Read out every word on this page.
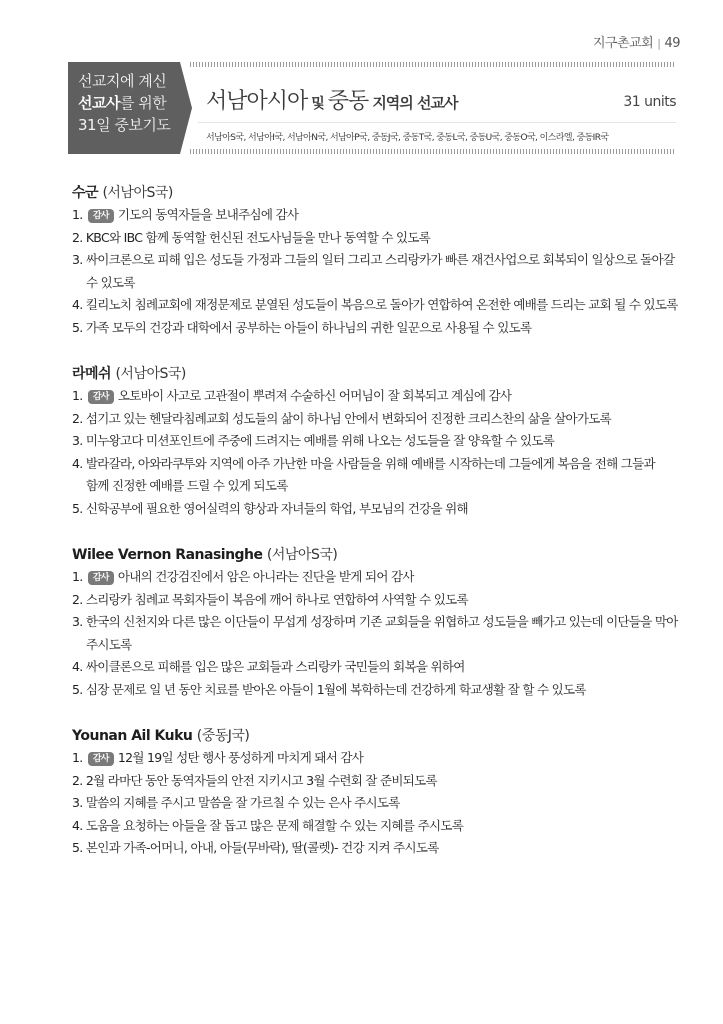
지구촌교회 | 49
선교지에 계신
선교사를 위한
31일 중보기도
서남아시아 및 중동 지역의 선교사	31 units
서남아S국, 서남아I국, 서남아N국, 서남아P국, 중동J국, 중동T국, 중동L국, 중동U국, 중동O국, 이스라엘, 중동IR국
수군 (서남아S국)
1. 감사 기도의 동역자들을 보내주심에 감사
2. KBC와 IBC 함께 동역할 헌신된 전도사님들을 만나 동역할 수 있도록
3. 싸이크론으로 피해 입은 성도들 가정과 그들의 일터 그리고 스리랑카가 빠른 재건사업으로 회복되이 일상으로 돌아갈
수 있도록
4. 킬리노치 침례교회에 재정문제로 분열된 성도들이 복음으로 돌아가 연합하여 온전한 예배를 드리는 교회 될 수 있도록
5. 가족 모두의 건강과 대학에서 공부하는 아들이 하나님의 귀한 일꾼으로 사용될 수 있도록
라메쉬 (서남아S국)
1. 감사 오토바이 사고로 고관절이 뿌려져 수술하신 어머님이 잘 회복되고 계심에 감사
2. 섬기고 있는 헨달라침례교회 성도들의 삶이 하나님 안에서 변화되어 진정한 크리스찬의 삶을 살아가도록
3. 미누왕고다 미션포인트에 주중에 드려지는 예배를 위해 나오는 성도들을 잘 양육할 수 있도록
4. 발라갈라, 아와라쿠투와 지역에 아주 가난한 마을 사람들을 위해 예배를 시작하는데 그들에게 복음을 전해 그들과
함께 진정한 예배를 드릴 수 있게 되도록
5. 신학공부에 필요한 영어실력의 향상과 자녀들의 학업, 부모님의 건강을 위해
Wilee Vernon Ranasinghe (서남아S국)
1. 감사 아내의 건강검진에서 암은 아니라는 진단을 받게 되어 감사
2. 스리랑카 침례교 목회자들이 복음에 깨어 하나로 연합하여 사역할 수 있도록
3. 한국의 신천지와 다른 많은 이단들이 무섭게 성장하며 기존 교회들을 위협하고 성도들을 빼가고 있는데 이단들을 막아
주시도록
4. 싸이클론으로 피해를 입은 많은 교회들과 스리랑카 국민들의 회복을 위하여
5. 심장 문제로 일 년 동안 치료를 받아온 아들이 1월에 복학하는데 건강하게 학교생활 잘 할 수 있도록
Younan Ail Kuku (중동J국)
1. 감사 12월 19일 성탄 행사 풍성하게 마치게 돼서 감사
2. 2월 라마단 동안 동역자들의 안전 지키시고 3월 수련회 잘 준비되도록
3. 말씀의 지혜를 주시고 말씀을 잘 가르칠 수 있는 은사 주시도록
4. 도움을 요청하는 아들을 잘 돕고 많은 문제 해결할 수 있는 지혜를 주시도록
5. 본인과 가족-어머니, 아내, 아들(무바락), 딸(콜렛)- 건강 지켜 주시도록
